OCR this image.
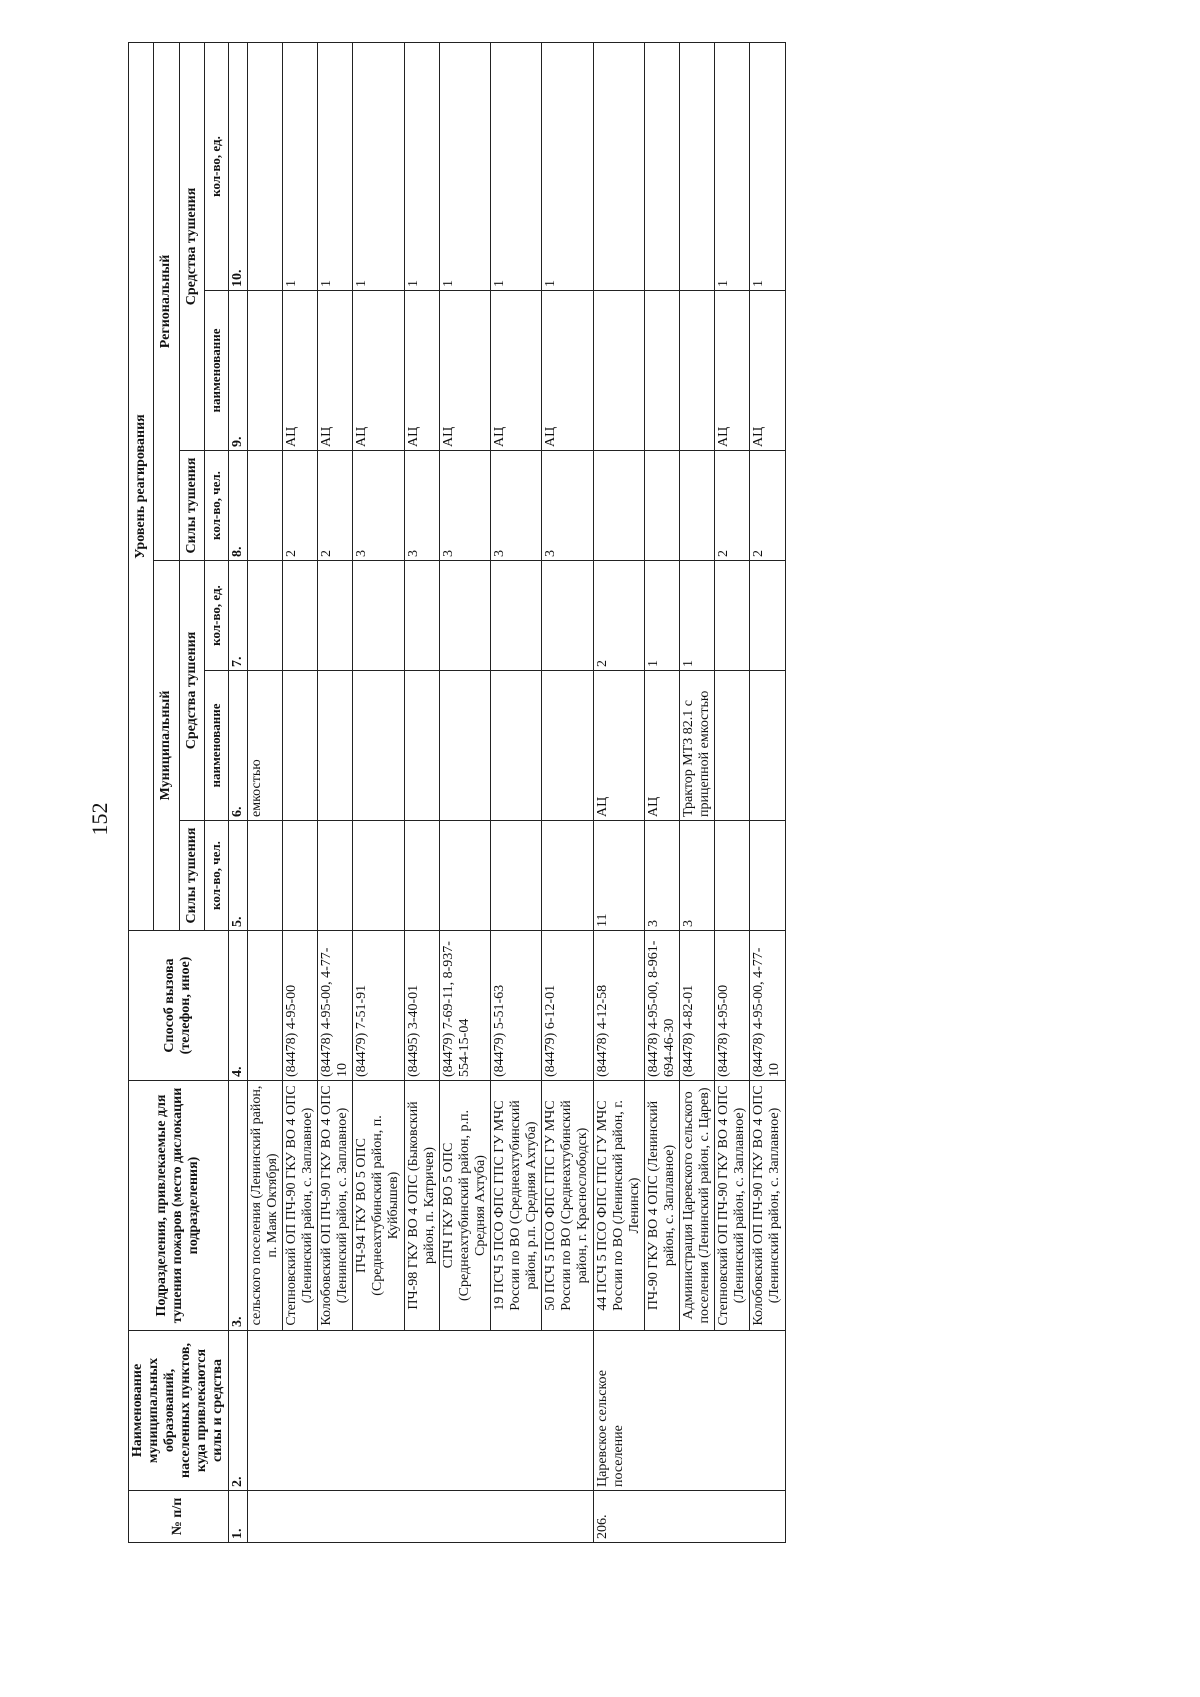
152
№ п/п	Наименование муниципальных образований, населенных пунктов, куда привлекаются силы и средства	Подразделения, привлекаемые для тушения пожаров (место дислокации подразделения)	Способ вызова (телефон, иное)	Уровень реагирования					
				Муниципальный			Региональный		
				Силы тушения	Средства тушения		Силы тушения	Средства тушения	
				кол-во, чел.	наименование	кол-во, ед.	кол-во, чел.	наименование	кол-во, ед.
1.	2.	3.	4.	5.	6.	7.	8.	9.	10.
		сельского поселения (Ленинский район, п. Маяк Октября)			емкостью				
		Степновский ОП ПЧ-90 ГКУ ВО 4 ОПС (Ленинский район, с. Заплавное)	(84478) 4-95-00				2	АЦ	1
		Колобовский ОП ПЧ-90 ГКУ ВО 4 ОПС (Ленинский район, с. Заплавное)	(84478) 4-95-00, 4-77-10				2	АЦ	1
		ПЧ-94 ГКУ ВО 5 ОПС (Среднеахтубинский район, п. Куйбышев)	(84479) 7-51-91				3	АЦ	1
		ПЧ-98 ГКУ ВО 4 ОПС (Быковский район, п. Катричев)	(84495) 3-40-01				3	АЦ	1
		СПЧ ГКУ ВО 5 ОПС (Среднеахтубинский район, р.п. Средняя Ахтуба)	(84479) 7-69-11, 8-937-554-15-04				3	АЦ	1
		19 ПСЧ 5 ПСО ФПС ГПС ГУ МЧС России по ВО (Среднеахтубинский район, р.п. Средняя Ахтуба)	(84479) 5-51-63				3	АЦ	1
		50 ПСЧ 5 ПСО ФПС ГПС ГУ МЧС России по ВО (Среднеахтубинский район, г. Краснослободск)	(84479) 6-12-01				3	АЦ	1
206.	Царевское сельское поселение	44 ПСЧ 5 ПСО ФПС ГПС ГУ МЧС России по ВО (Ленинский район, г. Ленинск)	(84478) 4-12-58	11	АЦ	2			
		ПЧ-90 ГКУ ВО 4 ОПС (Ленинский район, с. Заплавное)	(84478) 4-95-00, 8-961-694-46-30	3	АЦ	1			
		Администрация Царевского сельского поселения (Ленинский район, с. Царев)	(84478) 4-82-01	3	Трактор МТЗ 82.1 с прицепной емкостью	1			
		Степновский ОП ПЧ-90 ГКУ ВО 4 ОПС (Ленинский район, с. Заплавное)	(84478) 4-95-00				2	АЦ	1
		Колобовский ОП ПЧ-90 ГКУ ВО 4 ОПС (Ленинский район, с. Заплавное)	(84478) 4-95-00, 4-77-10				2	АЦ	1
